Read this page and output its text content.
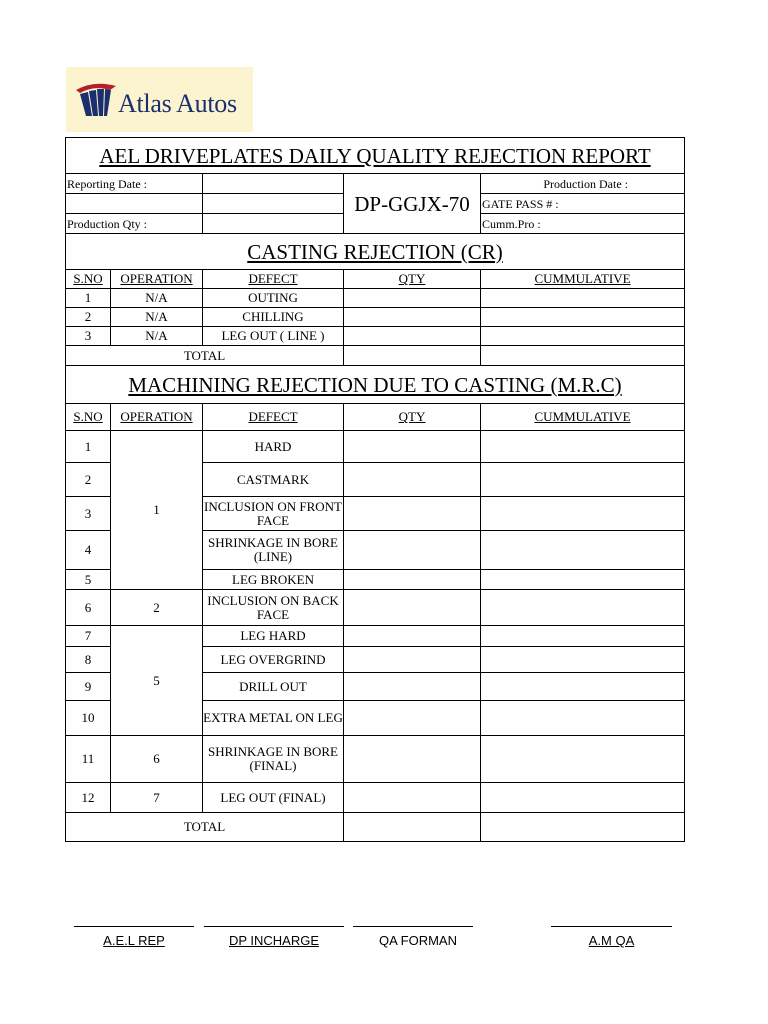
Atlas Autos
AEL DRIVEPLATES DAILY QUALITY REJECTION REPORT				
Reporting Date :			DP-GGJX-70	Production Date :
				GATE PASS # :
Production Qty :				Cumm.Pro :
CASTING REJECTION (CR)				
S.NO	OPERATION	DEFECT	QTY	CUMMULATIVE
1	N/A	OUTING		
2	N/A	CHILLING		
3	N/A	LEG OUT ( LINE )		
TOTAL				
MACHINING REJECTION DUE TO CASTING (M.R.C)				
S.NO	OPERATION	DEFECT	QTY	CUMMULATIVE
1	1	HARD		
2		CASTMARK		
3		INCLUSION ON FRONT FACE		
4		SHRINKAGE IN BORE (LINE)		
5		LEG BROKEN		
6	2	INCLUSION ON BACK FACE		
7	5	LEG HARD		
8		LEG OVERGRIND		
9		DRILL OUT		
10		EXTRA METAL ON LEG		
11	6	SHRINKAGE IN BORE (FINAL)		
12	7	LEG OUT (FINAL)		
TOTAL				
A.E.L REP	DP INCHARGE	QA FORMAN	A.M QA
